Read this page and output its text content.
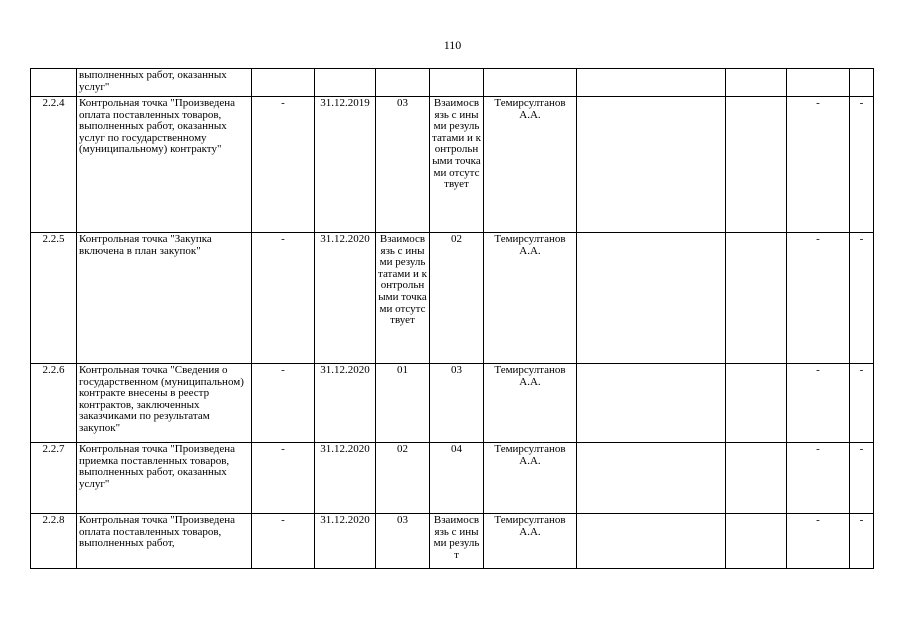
110
	выполненных работ, оказанных услуг"									
2.2.4	Контрольная точка "Произведена оплата поставленных товаров, выполненных работ, оказанных услуг по государственному (муниципальному) контракту"	-	31.12.2019	03	Взаимосвязь с иными результатами и контрольными точками отсутствует	Темирсултанов А.А.			-	-
2.2.5	Контрольная точка "Закупка включена в план закупок"	-	31.12.2020	Взаимосвязь с иными результатами и контрольными точками отсутствует	02	Темирсултанов А.А.			-	-
2.2.6	Контрольная точка "Сведения о государственном (муниципальном) контракте внесены в реестр контрактов, заключенных заказчиками по результатам закупок"	-	31.12.2020	01	03	Темирсултанов А.А.			-	-
2.2.7	Контрольная точка "Произведена приемка поставленных товаров, выполненных работ, оказанных услуг"	-	31.12.2020	02	04	Темирсултанов А.А.			-	-
2.2.8	Контрольная точка "Произведена оплата поставленных товаров, выполненных работ,	-	31.12.2020	03	Взаимосвязь с иными результ	Темирсултанов А.А.			-	-
